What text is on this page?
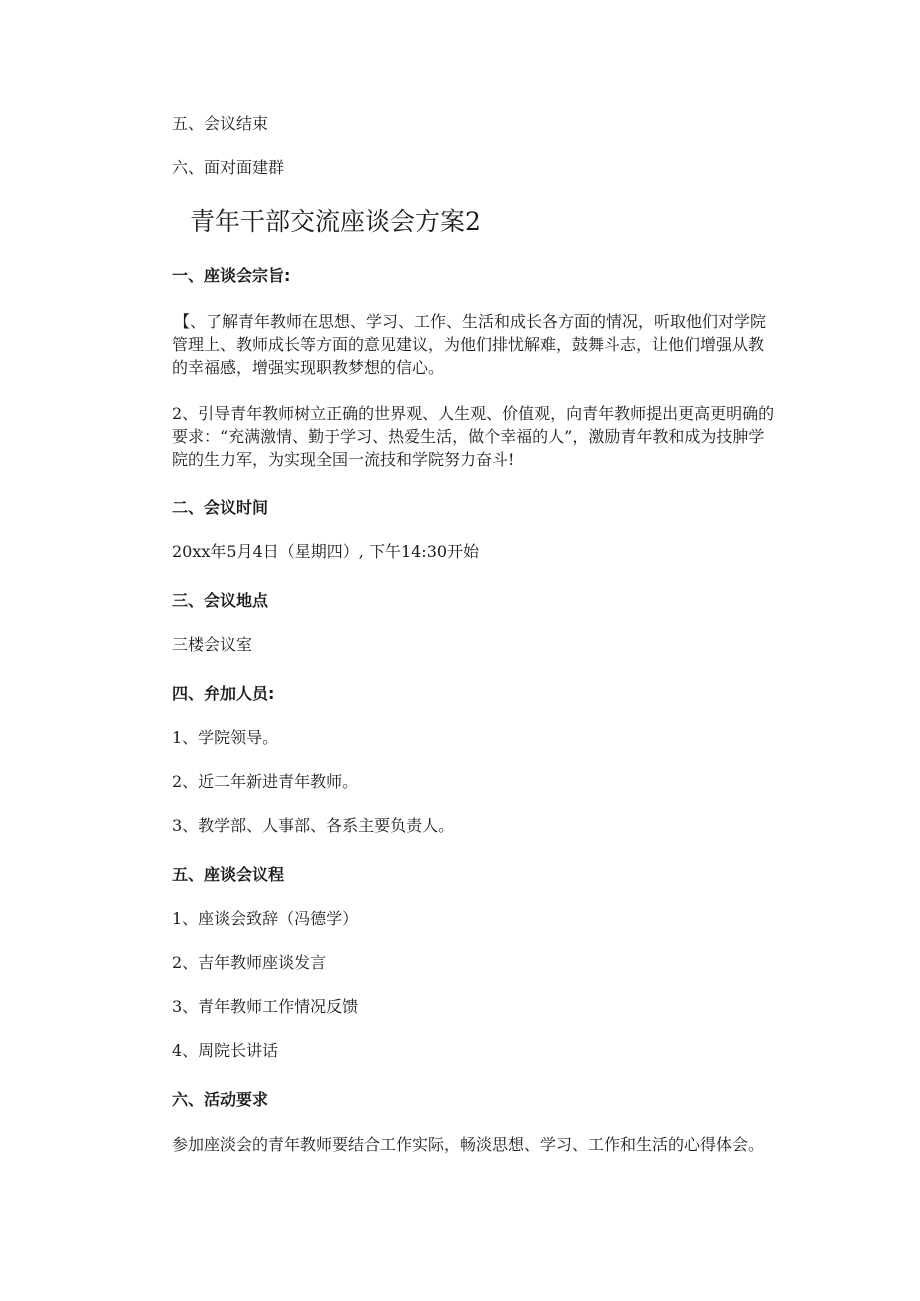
五、会议结束

六、面对面建群

青年干部交流座谈会方案2

一、座谈会宗旨:

【、了解青年教师在思想、学习、工作、生活和成长各方面的情况，听取他们对学院管理上、教师成长等方面的意见建议，为他们排忧解难，鼓舞斗志，让他们增强从教的幸福感，增强实现职教梦想的信心。

2、引导青年教师树立正确的世界观、人生观、价值观，向青年教师提出更高更明确的要求：“充满激情、勤于学习、热爱生活，做个幸福的人”，激励青年教和成为技胂学院的生力军，为实现全国一流技和学院努力奋斗!

二、会议时间

20xx年5月4日（星期四）, 下午14:30开始

三、会议地点

三楼会议室

四、弁加人员:

1、学院领导。

2、近二年新进青年教师。

3、教学部、人事部、各系主要负责人。

五、座谈会议程

1、座谈会致辞（冯德学）

2、吉年教师座谈发言

3、青年教师工作情况反馈

4、周院长讲话

六、活动要求

参加座淡会的青年教师要结合工作实际，畅淡思想、学习、工作和生活的心得体会。
